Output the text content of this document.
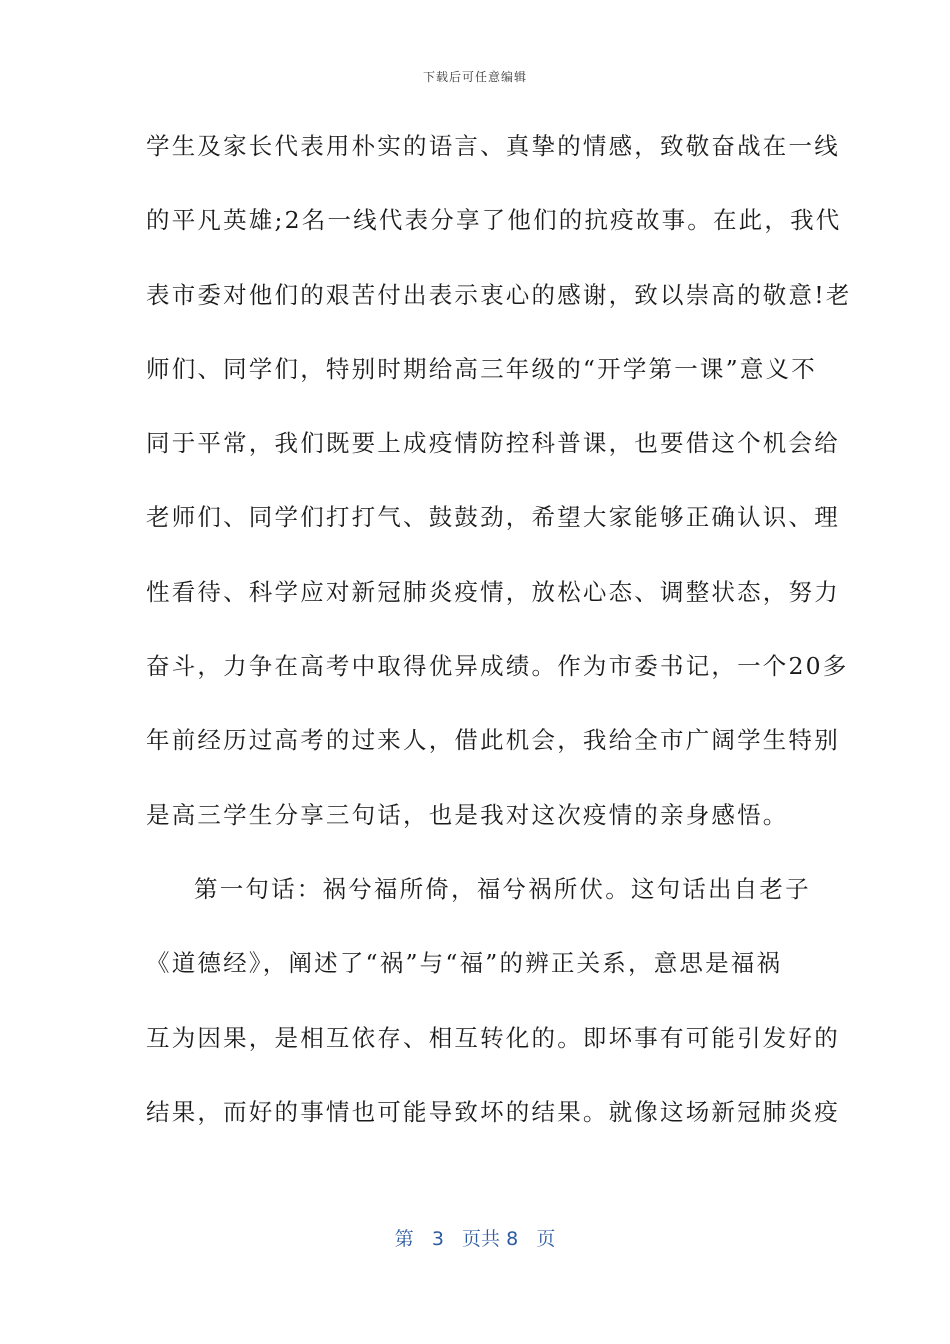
下载后可任意编辑
学生及家长代表用朴实的语言、真挚的情感，致敬奋战在一线
的平凡英雄;2名一线代表分享了他们的抗疫故事。在此，我代
表市委对他们的艰苦付出表示衷心的感谢，致以崇高的敬意!老
师们、同学们，特别时期给高三年级的“开学第一课”意义不
同于平常，我们既要上成疫情防控科普课，也要借这个机会给
老师们、同学们打打气、鼓鼓劲，希望大家能够正确认识、理
性看待、科学应对新冠肺炎疫情，放松心态、调整状态，努力
奋斗，力争在高考中取得优异成绩。作为市委书记，一个20多
年前经历过高考的过来人，借此机会，我给全市广阔学生特别
是高三学生分享三句话，也是我对这次疫情的亲身感悟。
第一句话：祸兮福所倚，福兮祸所伏。这句话出自老子
《道德经》，阐述了“祸”与“福”的辨正关系，意思是福祸
互为因果，是相互依存、相互转化的。即坏事有可能引发好的
结果，而好的事情也可能导致坏的结果。就像这场新冠肺炎疫
第 3 页共 8 页
